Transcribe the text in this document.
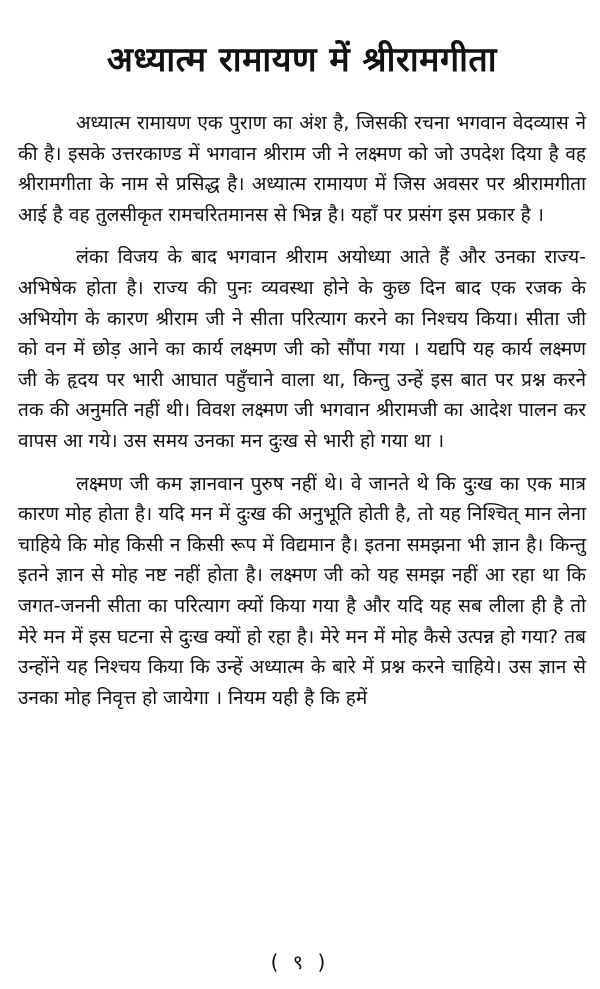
अध्यात्म रामायण में श्रीरामगीता

अध्यात्म रामायण एक पुराण का अंश है, जिसकी रचना भगवान वेदव्यास ने की है। इसके उत्तरकाण्ड में भगवान श्रीराम जी ने लक्ष्मण को जो उपदेश दिया है वह श्रीरामगीता के नाम से प्रसिद्ध है। अध्यात्म रामायण में जिस अवसर पर श्रीरामगीता आई है वह तुलसीकृत रामचरितमानस से भिन्न है। यहाँ पर प्रसंग इस प्रकार है ।

लंका विजय के बाद भगवान श्रीराम अयोध्या आते हैं और उनका राज्य-अभिषेक होता है। राज्य की पुनः व्यवस्था होने के कुछ दिन बाद एक रजक के अभियोग के कारण श्रीराम जी ने सीता परित्याग करने का निश्चय किया। सीता जी को वन में छोड़ आने का कार्य लक्ष्मण जी को सौंपा गया । यद्यपि यह कार्य लक्ष्मण जी के हृदय पर भारी आघात पहुँचाने वाला था, किन्तु उन्हें इस बात पर प्रश्न करने तक की अनुमति नहीं थी। विवश लक्ष्मण जी भगवान श्रीरामजी का आदेश पालन कर वापस आ गये। उस समय उनका मन दुःख से भारी हो गया था ।

लक्ष्मण जी कम ज्ञानवान पुरुष नहीं थे। वे जानते थे कि दुःख का एक मात्र कारण मोह होता है। यदि मन में दुःख की अनुभूति होती है, तो यह निश्चित् मान लेना चाहिये कि मोह किसी न किसी रूप में विद्यमान है। इतना समझना भी ज्ञान है। किन्तु इतने ज्ञान से मोह नष्ट नहीं होता है। लक्ष्मण जी को यह समझ नहीं आ रहा था कि जगत-जननी सीता का परित्याग क्यों किया गया है और यदि यह सब लीला ही है तो मेरे मन में इस घटना से दुःख क्यों हो रहा है। मेरे मन में मोह कैसे उत्पन्न हो गया? तब उन्होंने यह निश्चय किया कि उन्हें अध्यात्म के बारे में प्रश्न करने चाहिये। उस ज्ञान से उनका मोह निवृत्त हो जायेगा । नियम यही है कि हमें

( ९ )
